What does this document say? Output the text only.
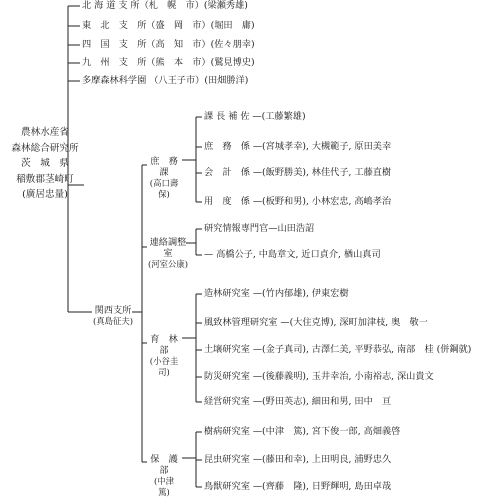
農林水産省
森林総合研究所
茨　城　県
稲敷郡茎崎町
(廣居忠量)
北 海 道 支 所（札　幌　市）(梁瀬秀雄)
東　北　支　所（盛　岡　市）(堀田　庸)
四　国　支　所（高　知　市）(佐々朋幸)
九　州　支　所（熊　本　市）(鷲見博史)
多摩森林科学園 （八王子市）(田畑勝洋)
関西支所
(真島征夫)
庶　務　課
(高口壽保)
課 長 補 佐 —(工藤繁雄)
庶　務　係 —(宮城孝幸), 大槻範子, 原田美幸
会　計　係 —(飯野勝美), 林佳代子, 工藤直樹
用　度　係 —(板野和男), 小林宏忠, 高嶋孝治
連絡調整室
(河室公康)
研究情報専門官—山田浩詔
— 高橋公子, 中島章文, 近口貞介, 楢山真司
育　林　部
(小谷圭司)
造林研究室 —(竹内郁雄), 伊東宏樹
風致林管理研究室 —(大住克博), 深町加津枝, 奥　敬一
土壌研究室 —(金子真司), 古澤仁美, 平野恭弘, 南部　桂 (併鋼就)
防災研究室 —(後藤義明), 玉井幸治, 小南裕志, 深山貴文
経営研究室 —(野田英志), 細田和男, 田中　亘
保　護　部
(中津　篤)
樹病研究室 —(中津　篤), 宮下俊一郎, 高畑義啓
昆虫研究室 —(藤田和幸), 上田明良, 浦野忠久
鳥獣研究室 —(齊藤　隆), 日野輝明, 島田卓哉
